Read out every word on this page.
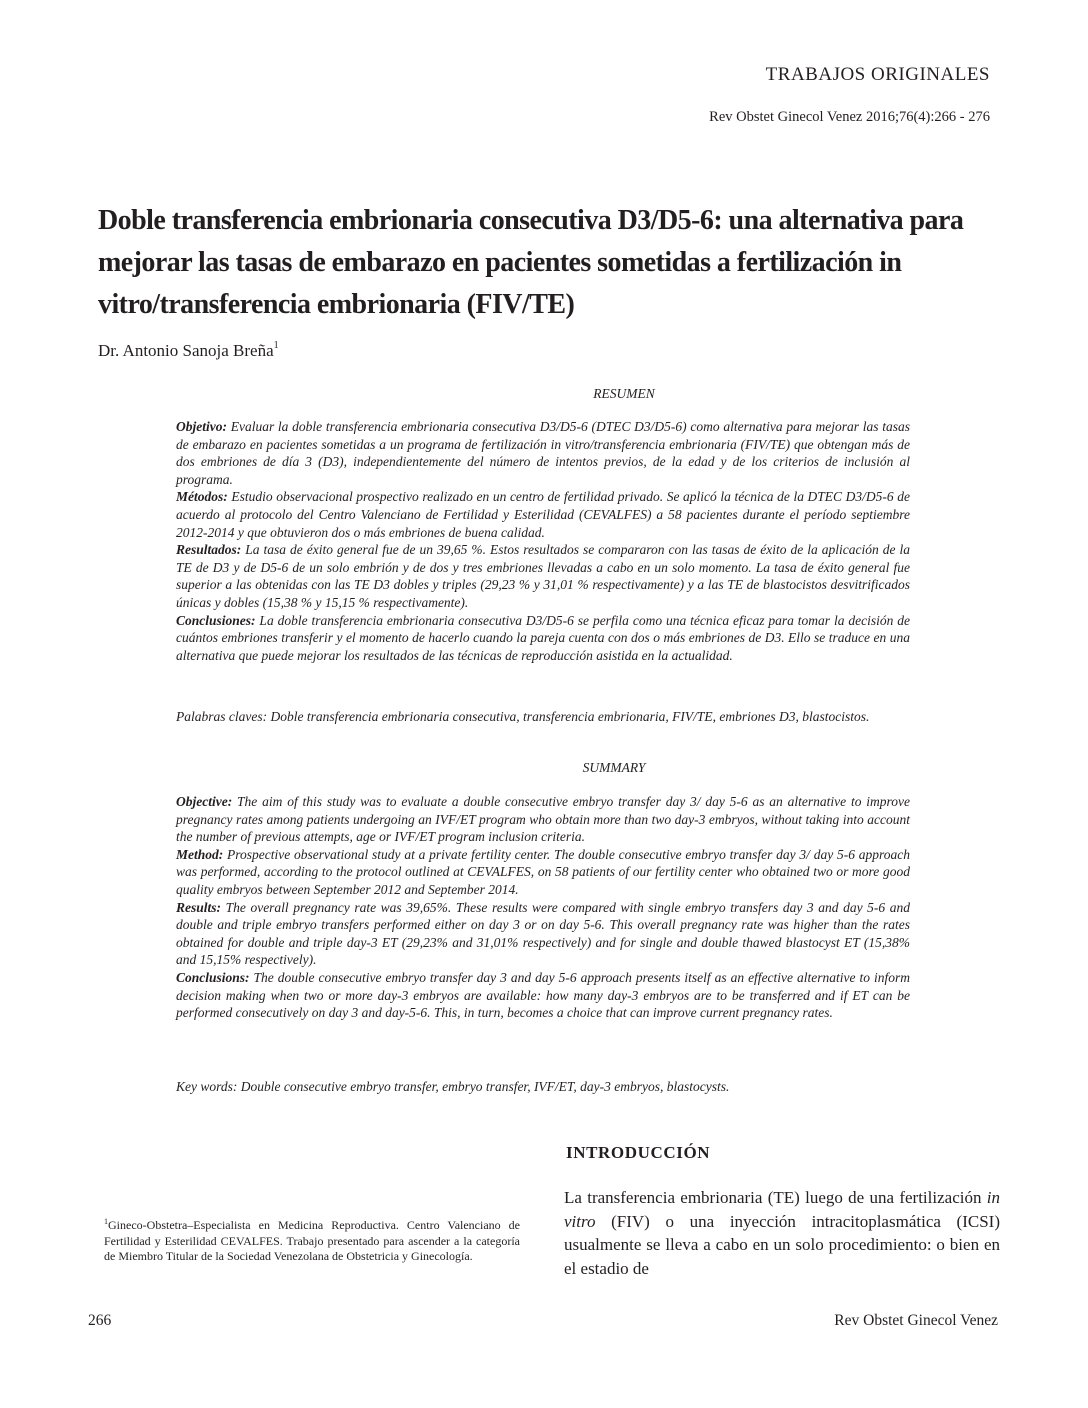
TRABAJOS ORIGINALES
Rev Obstet Ginecol Venez 2016;76(4):266 - 276
Doble transferencia embrionaria consecutiva D3/D5-6: una alternativa para mejorar las tasas de embarazo en pacientes sometidas a fertilización in vitro/transferencia embrionaria (FIV/TE)
Dr. Antonio Sanoja Breña$^1$
RESUMEN

Objetivo: Evaluar la doble transferencia embrionaria consecutiva D3/D5-6 (DTEC D3/D5-6) como alternativa para mejorar las tasas de embarazo en pacientes sometidas a un programa de fertilización in vitro/transferencia embrionaria (FIV/TE) que obtengan más de dos embriones de día 3 (D3), independientemente del número de intentos previos, de la edad y de los criterios de inclusión al programa.

Métodos: Estudio observacional prospectivo realizado en un centro de fertilidad privado. Se aplicó la técnica de la DTEC D3/D5-6 de acuerdo al protocolo del Centro Valenciano de Fertilidad y Esterilidad (CEVALFES) a 58 pacientes durante el período septiembre 2012-2014 y que obtuvieron dos o más embriones de buena calidad.

Resultados: La tasa de éxito general fue de un 39,65 %. Estos resultados se compararon con las tasas de éxito de la aplicación de la TE de D3 y de D5-6 de un solo embrión y de dos y tres embriones llevadas a cabo en un solo momento. La tasa de éxito general fue superior a las obtenidas con las TE D3 dobles y triples (29,23 % y 31,01 % respectivamente) y a las TE de blastocistos desvitrificados únicas y dobles (15,38 % y 15,15 % respectivamente).

Conclusiones: La doble transferencia embrionaria consecutiva D3/D5-6 se perfila como una técnica eficaz para tomar la decisión de cuántos embriones transferir y el momento de hacerlo cuando la pareja cuenta con dos o más embriones de D3. Ello se traduce en una alternativa que puede mejorar los resultados de las técnicas de reproducción asistida en la actualidad.

Palabras claves: Doble transferencia embrionaria consecutiva, transferencia embrionaria, FIV/TE, embriones D3, blastocistos.
SUMMARY

Objective: The aim of this study was to evaluate a double consecutive embryo transfer day 3/ day 5-6 as an alternative to improve pregnancy rates among patients undergoing an IVF/ET program who obtain more than two day-3 embryos, without taking into account the number of previous attempts, age or IVF/ET program inclusion criteria.

Method: Prospective observational study at a private fertility center. The double consecutive embryo transfer day 3/ day 5-6 approach was performed, according to the protocol outlined at CEVALFES, on 58 patients of our fertility center who obtained two or more good quality embryos between September 2012 and September 2014.

Results: The overall pregnancy rate was 39,65%. These results were compared with single embryo transfers day 3 and day 5-6 and double and triple embryo transfers performed either on day 3 or on day 5-6. This overall pregnancy rate was higher than the rates obtained for double and triple day-3 ET (29,23% and 31,01% respectively) and for single and double thawed blastocyst ET (15,38% and 15,15% respectively).

Conclusions: The double consecutive embryo transfer day 3 and day 5-6 approach presents itself as an effective alternative to inform decision making when two or more day-3 embryos are available: how many day-3 embryos are to be transferred and if ET can be performed consecutively on day 3 and day-5-6. This, in turn, becomes a choice that can improve current pregnancy rates.

Key words: Double consecutive embryo transfer, embryo transfer, IVF/ET, day-3 embryos, blastocysts.
INTRODUCCIÓN

La transferencia embrionaria (TE) luego de una fertilización in vitro (FIV) o una inyección intracitoplasmática (ICSI) usualmente se lleva a cabo en un solo procedimiento: o bien en el estadio de

$^1$Gineco-Obstetra–Especialista en Medicina Reproductiva. Centro Valenciano de Fertilidad y Esterilidad CEVALFES. Trabajo presentado para ascender a la categoría de Miembro Titular de la Sociedad Venezolana de Obstetricia y Ginecología.
266	Rev Obstet Ginecol Venez
